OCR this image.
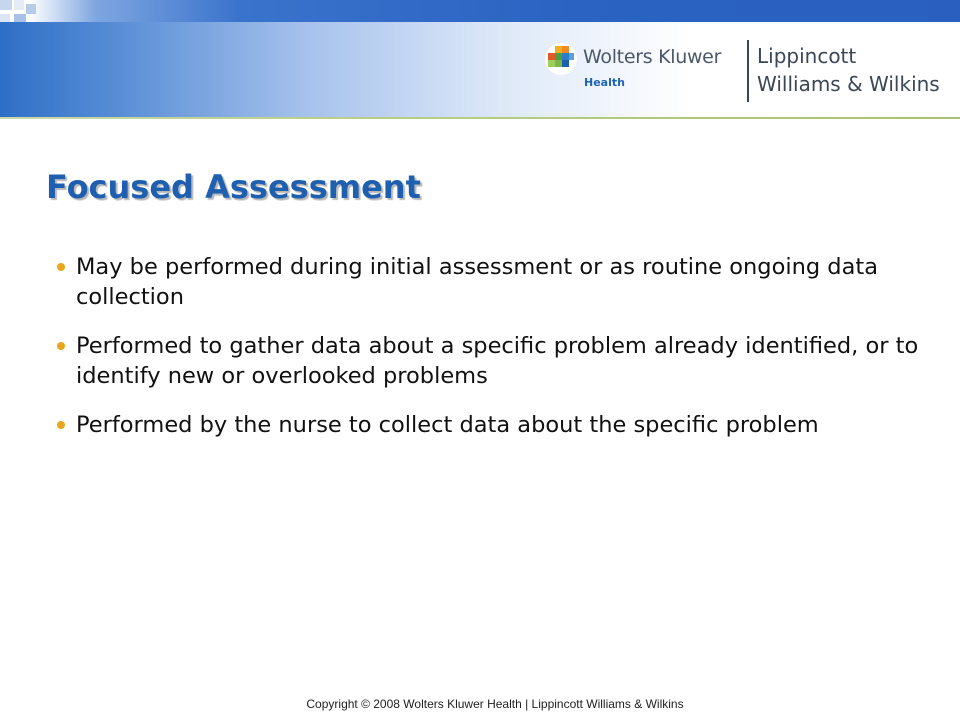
Wolters Kluwer
Health
Lippincott
Williams & Wilkins
Focused Assessment
May be performed during initial assessment or as routine ongoing data collection
Performed to gather data about a specific problem already identified, or to identify new or overlooked problems
Performed by the nurse to collect data about the specific problem
Copyright © 2008 Wolters Kluwer Health | Lippincott Williams & Wilkins
